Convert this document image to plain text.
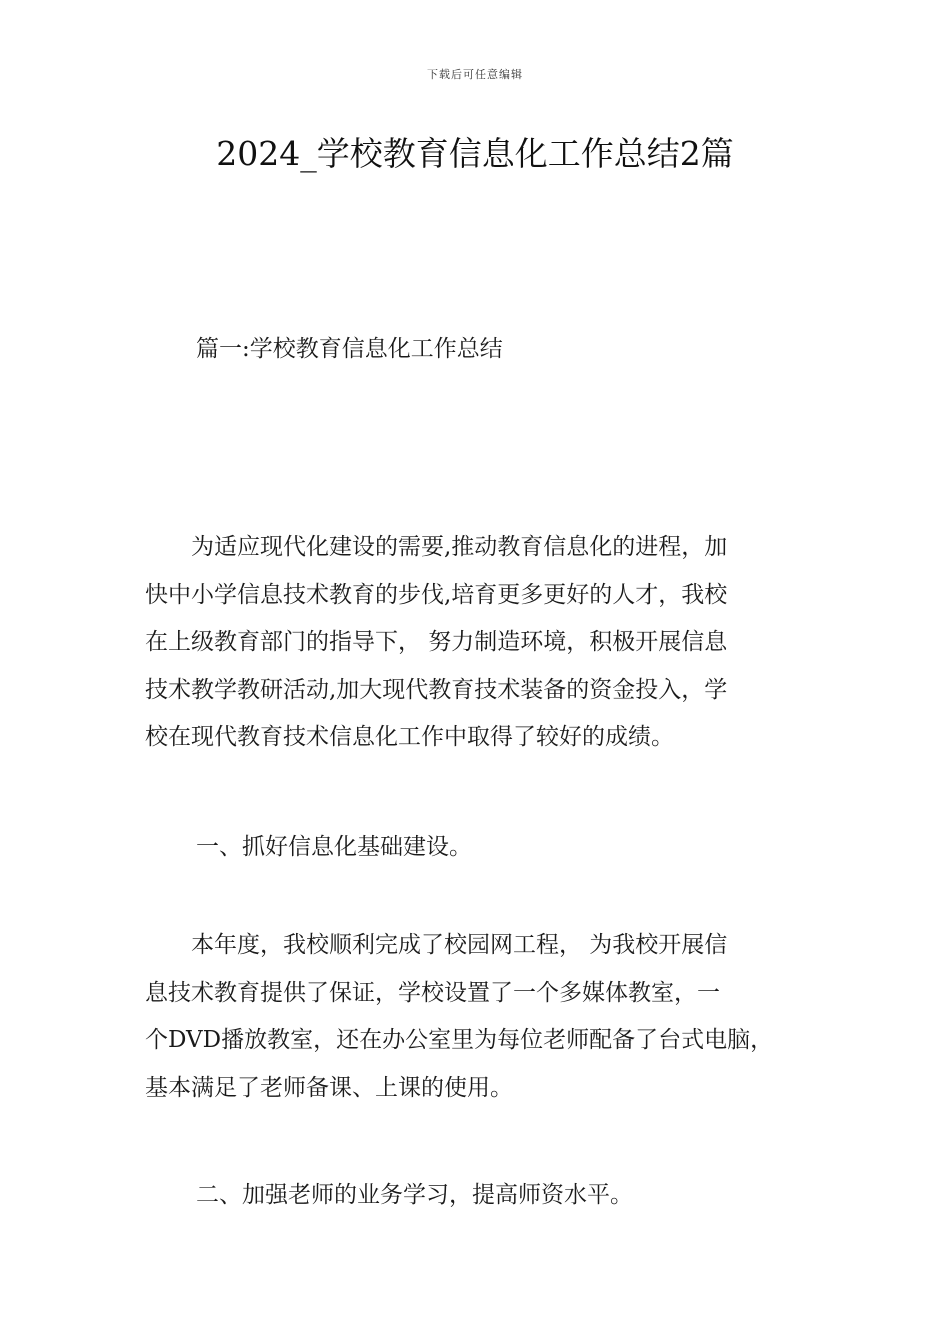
下载后可任意编辑
2024_学校教育信息化工作总结2篇
篇一:学校教育信息化工作总结

　　为适应现代化建设的需要,推动教育信息化的进程，加
快中小学信息技术教育的步伐,培育更多更好的人才，我校
在上级教育部门的指导下， 努力制造环境，积极开展信息
技术教学教研活动,加大现代教育技术装备的资金投入，学
校在现代教育技术信息化工作中取得了较好的成绩。

一、抓好信息化基础建设。

　　本年度，我校顺利完成了校园网工程， 为我校开展信
息技术教育提供了保证，学校设置了一个多媒体教室，一
个DVD播放教室，还在办公室里为每位老师配备了台式电脑，
基本满足了老师备课、上课的使用。

二、加强老师的业务学习，提高师资水平。
